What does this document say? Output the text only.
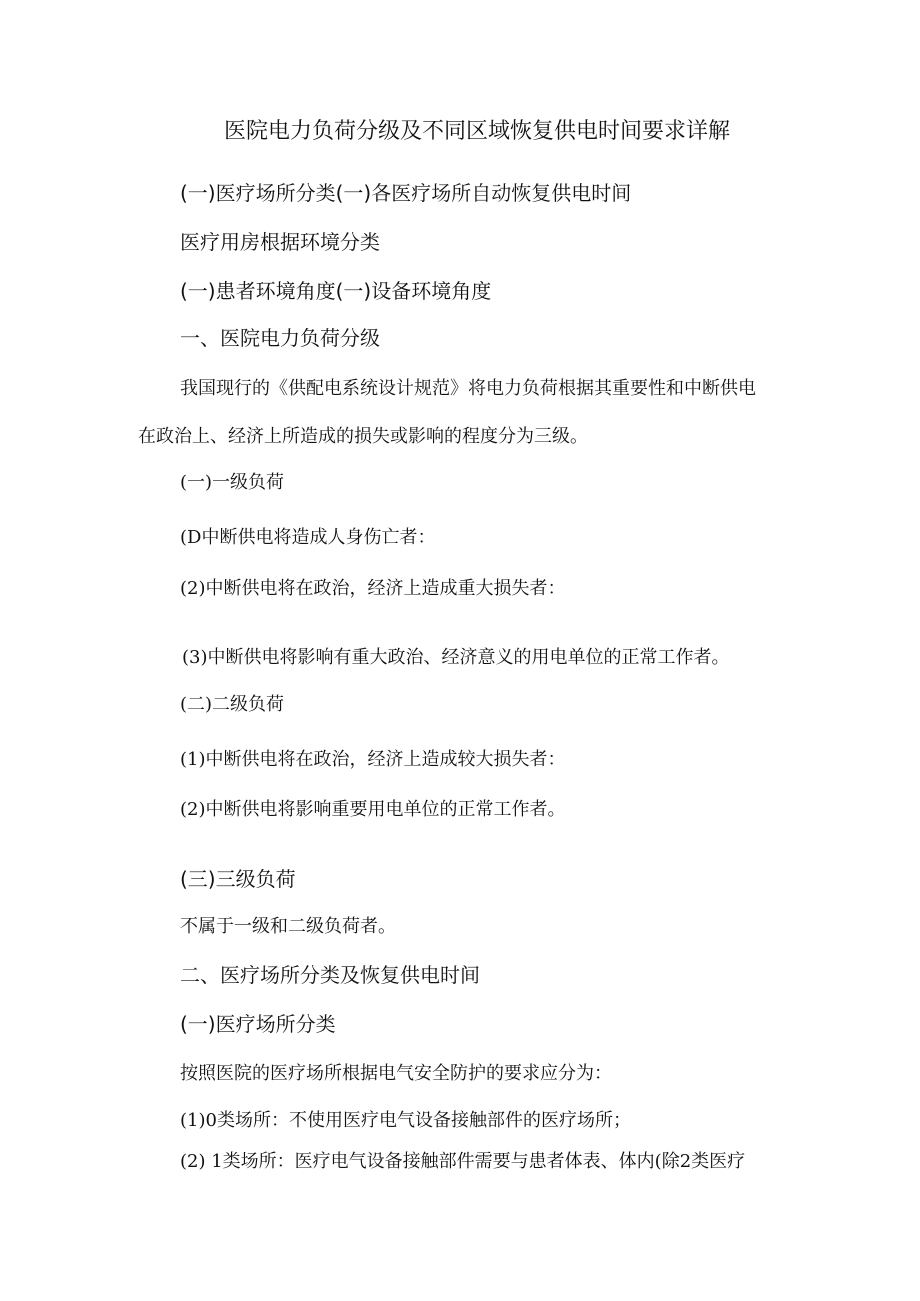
医院电力负荷分级及不同区域恢复供电时间要求详解
(一)医疗场所分类(一)各医疗场所自动恢复供电时间
医疗用房根据环境分类
(一)患者环境角度(一)设备环境角度
一、医院电力负荷分级
我国现行的《供配电系统设计规范》将电力负荷根据其重要性和中断供电
在政治上、经济上所造成的损失或影响的程度分为三级。
(一)一级负荷
(D中断供电将造成人身伤亡者：
(2)中断供电将在政治，经济上造成重大损失者：
(3)中断供电将影响有重大政治、经济意义的用电单位的正常工作者。
(二)二级负荷
(1)中断供电将在政治，经济上造成较大损失者：
(2)中断供电将影响重要用电单位的正常工作者。
(三)三级负荷
不属于一级和二级负荷者。
二、医疗场所分类及恢复供电时间
(一)医疗场所分类
按照医院的医疗场所根据电气安全防护的要求应分为：
(1)0类场所：不使用医疗电气设备接触部件的医疗场所；
(2) 1类场所：医疗电气设备接触部件需要与患者体表、体内(除2类医疗
